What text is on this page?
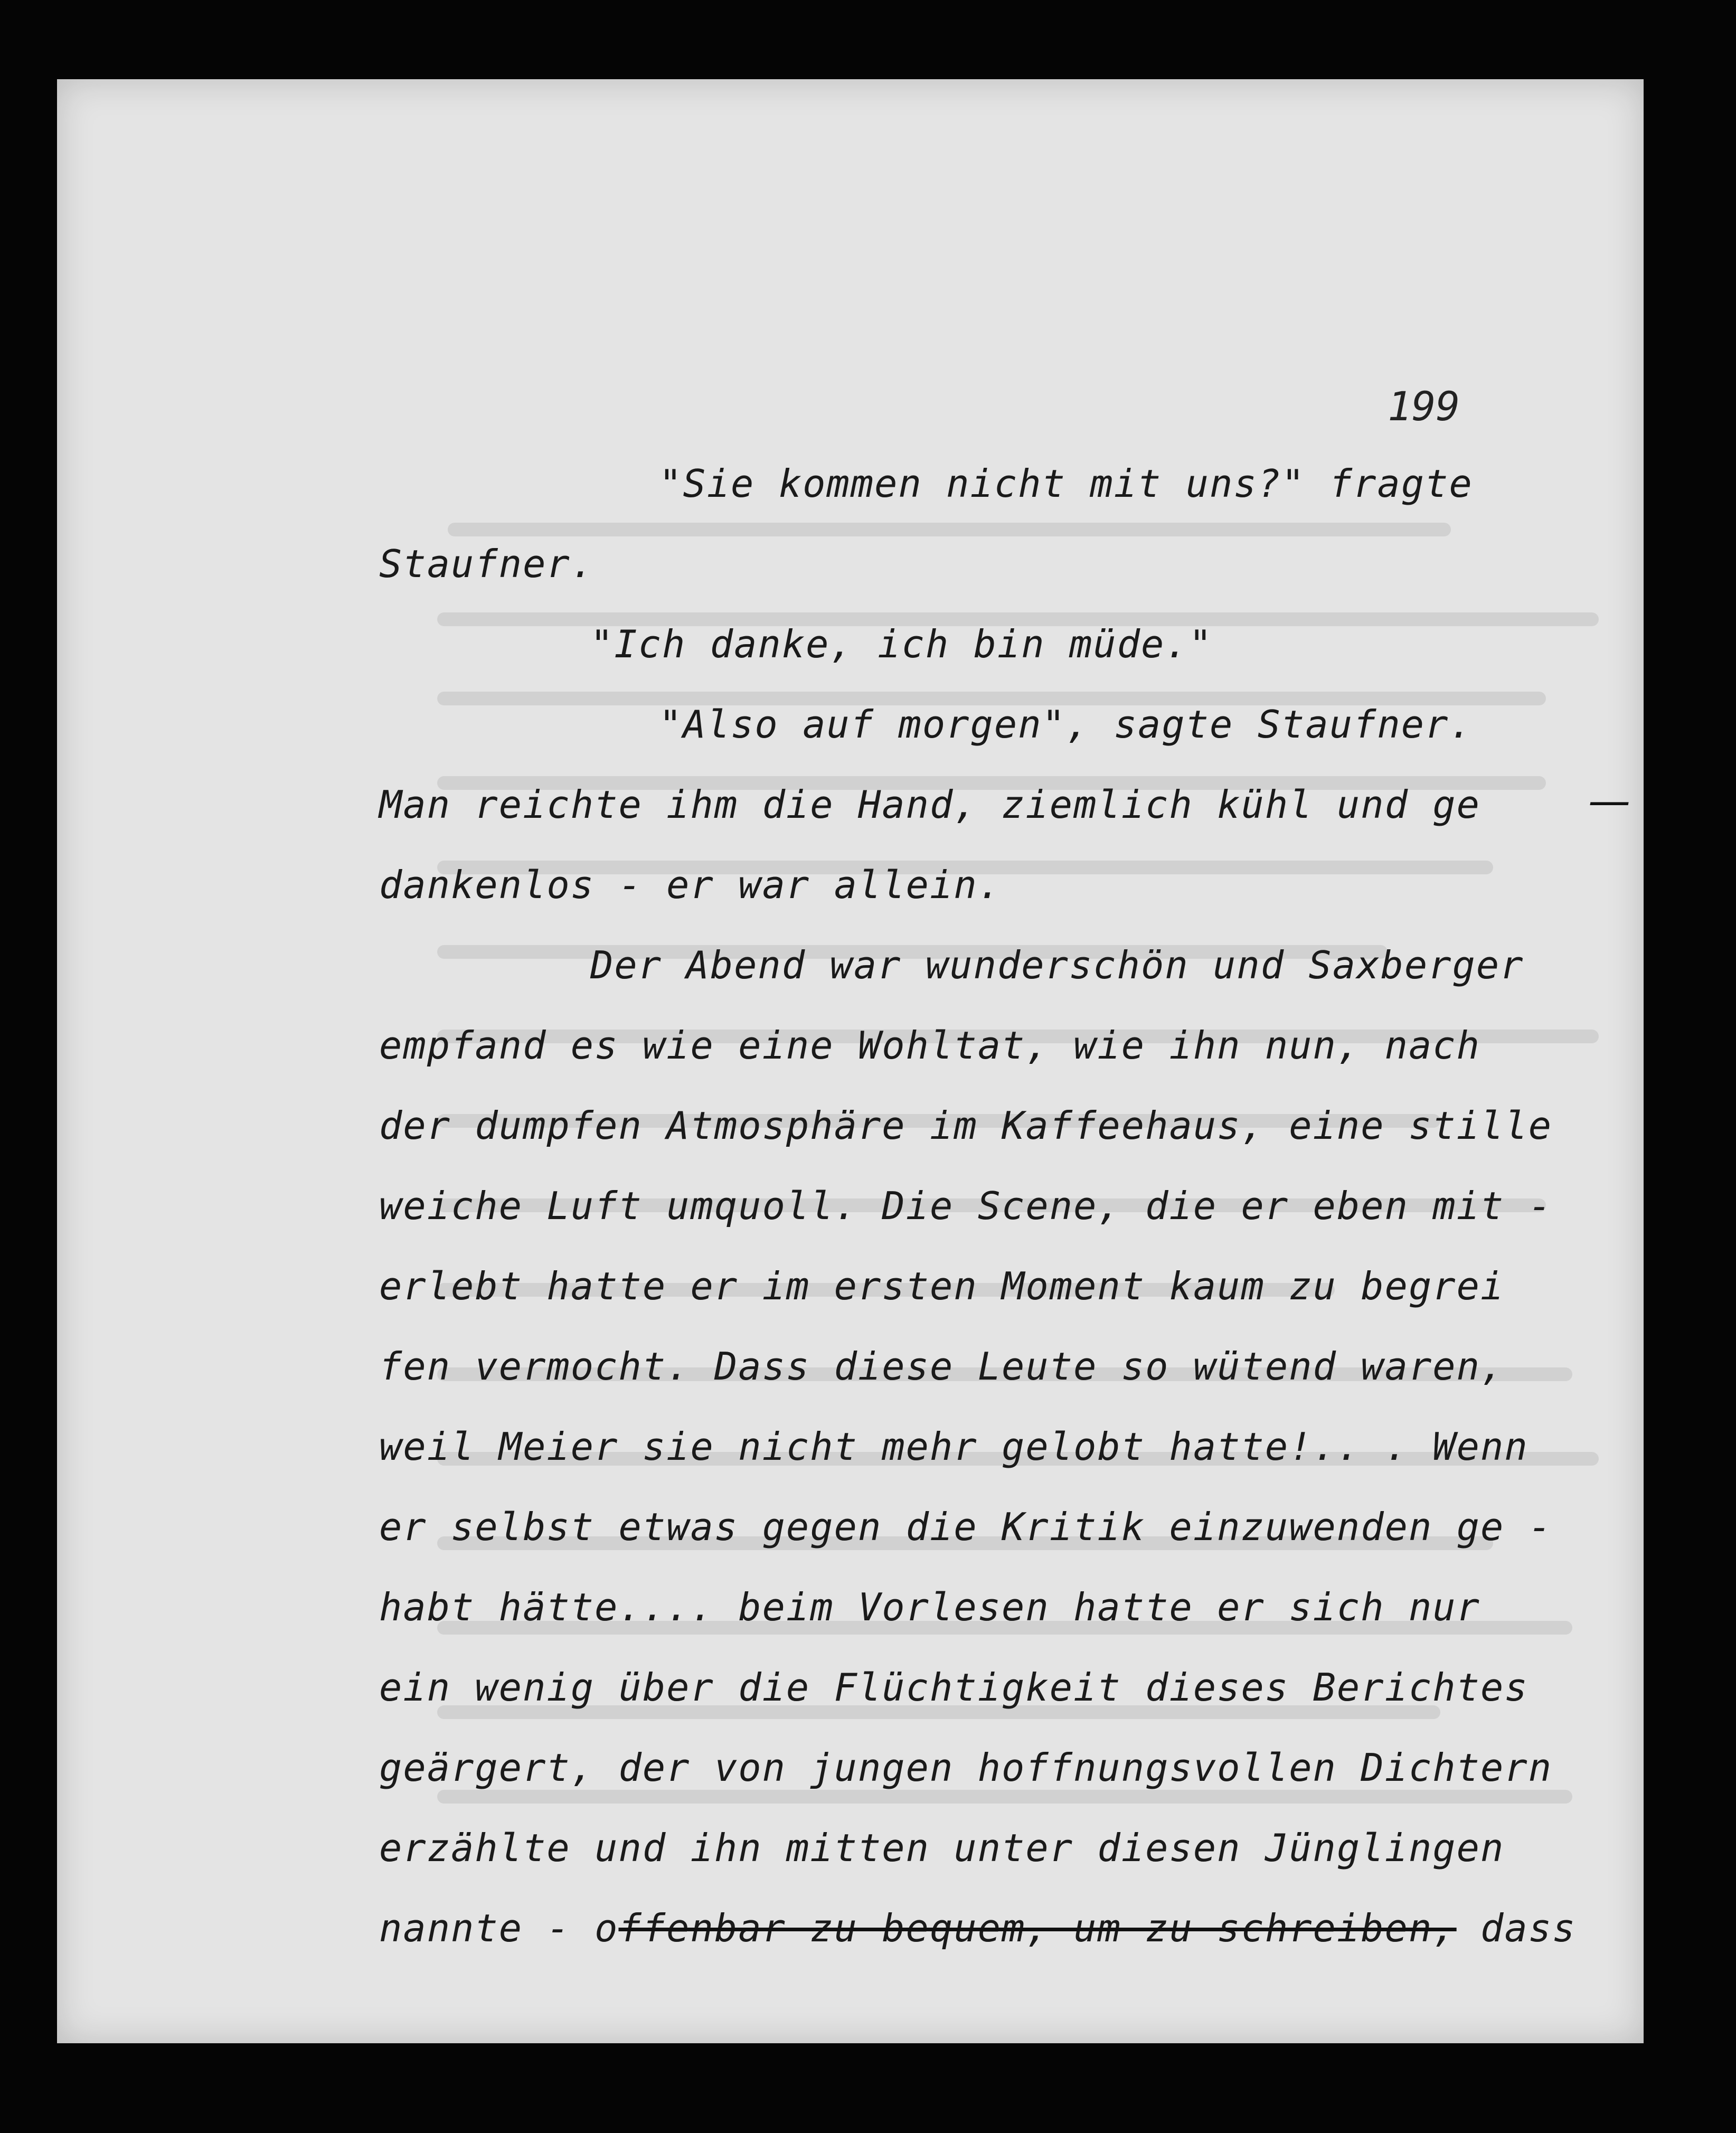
199

"Sie kommen nicht mit uns?" fragte
Staufner.
"Ich danke, ich bin müde."
"Also auf morgen", sagte Staufner.
Man reichte ihm die Hand, ziemlich kühl und ge
dankenlos - er war allein.
Der Abend war wunderschön und Saxberger
empfand es wie eine Wohltat, wie ihn nun, nach
der dumpfen Atmosphäre im Kaffeehaus, eine stille
weiche Luft umquoll. Die Scene, die er eben mit -
erlebt hatte er im ersten Moment kaum zu begrei
fen vermocht. Dass diese Leute so wütend waren,
weil Meier sie nicht mehr gelobt hatte!.. . Wenn
er selbst etwas gegen die Kritik einzuwenden ge -
habt hätte.... beim Vorlesen hatte er sich nur
ein wenig über die Flüchtigkeit dieses Berichtes
geärgert, der von jungen hoffnungsvollen Dichtern
erzählte und ihn mitten unter diesen Jünglingen
nannte - offenbar zu bequem, um zu schreiben, dass
—
